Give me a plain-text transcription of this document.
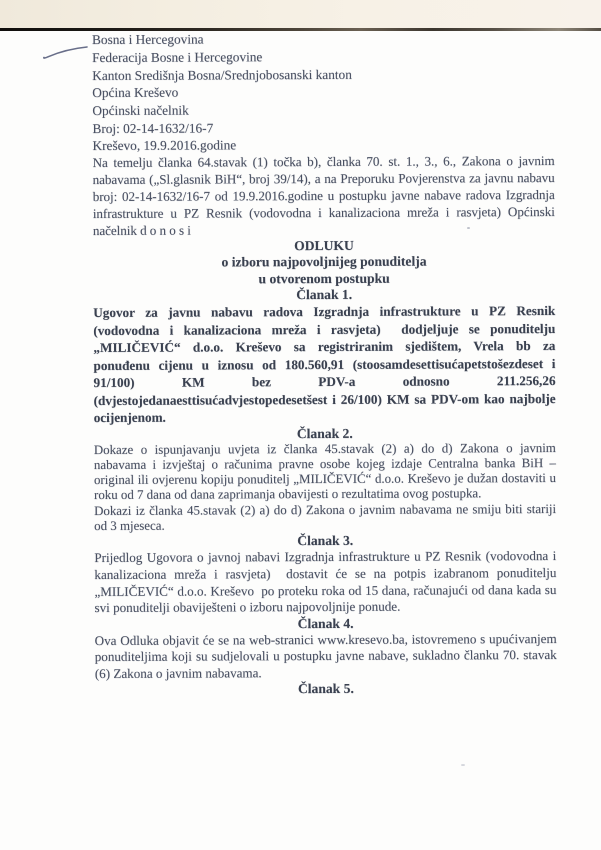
Bosna i Hercegovina
Federacija Bosne i Hercegovine
Kanton Središnja Bosna/Srednjobosanski kanton
Općina Kreševo
Općinski načelnik
Broj: 02-14-1632/16-7
Kreševo, 19.9.2016.godine

Na temelju članka 64.stavak (1) točka b), članka 70. st. 1., 3., 6., Zakona o javnim nabavama („Sl.glasnik BiH“, broj 39/14), a na Preporuku Povjerenstva za javnu nabavu broj: 02-14-1632/16-7 od 19.9.2016.godine u postupku javne nabave radova Izgradnja infrastrukture u PZ Resnik (vodovodna i kanalizaciona mreža i rasvjeta) Općinski načelnik d o n o s i

ODLUKU
o izboru najpovoljnijeg ponuditelja
u otvorenom postupku
Članak 1.

Ugovor za javnu nabavu radova Izgradnja infrastrukture u PZ Resnik (vodovodna i kanalizaciona mreža i rasvjeta)  dodjeljuje se ponuditelju „MILIČEVIĆ“ d.o.o. Kreševo sa registriranim sjedištem, Vrela bb za ponuđenu cijenu u iznosu od 180.560,91 (stoosamdesettisućapetstošezdeset i 91/100) KM bez PDV-a odnosno 211.256,26 (dvjestojedanaesttisućadvjestopedesetšest i 26/100) KM sa PDV-om kao najbolje ocijenjenom.

Članak 2.

Dokaze o ispunjavanju uvjeta iz članka 45.stavak (2) a) do d) Zakona o javnim nabavama i izvještaj o računima pravne osobe kojeg izdaje Centralna banka BiH – original ili ovjerenu kopiju ponuditelj „MILIČEVIĆ“ d.o.o. Kreševo je dužan dostaviti u roku od 7 dana od dana zaprimanja obavijesti o rezultatima ovog postupka.

Dokazi iz članka 45.stavak (2) a) do d) Zakona o javnim nabavama ne smiju biti stariji od 3 mjeseca.

Članak 3.

Prijedlog Ugovora o javnoj nabavi Izgradnja infrastrukture u PZ Resnik (vodovodna i kanalizaciona mreža i rasvjeta)  dostavit će se na potpis izabranom ponuditelju „MILIČEVIĆ“ d.o.o. Kreševo  po proteku roka od 15 dana, računajući od dana kada su svi ponuditelji obaviješteni o izboru najpovoljnije ponude.

Članak 4.

Ova Odluka objavit će se na web-stranici www.kresevo.ba, istovremeno s upućivanjem ponuditeljima koji su sudjelovali u postupku javne nabave, sukladno članku 70. stavak (6) Zakona o javnim nabavama.

Članak 5.
